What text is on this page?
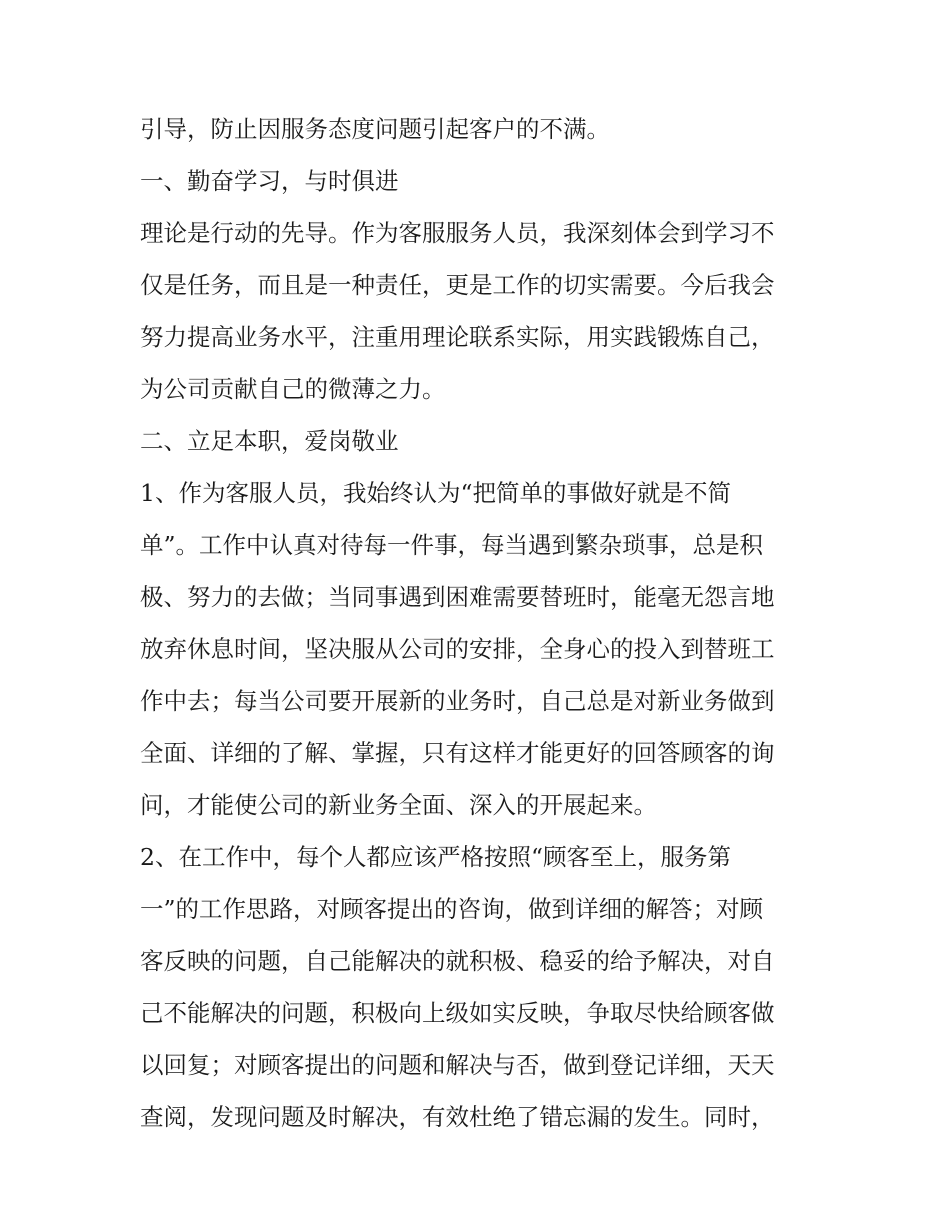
引导，防止因服务态度问题引起客户的不满。
一、勤奋学习，与时俱进
理论是行动的先导。作为客服服务人员，我深刻体会到学习不
仅是任务，而且是一种责任，更是工作的切实需要。今后我会
努力提高业务水平，注重用理论联系实际，用实践锻炼自己，
为公司贡献自己的微薄之力。
二、立足本职，爱岗敬业
1、作为客服人员，我始终认为“把简单的事做好就是不简
单”。工作中认真对待每一件事，每当遇到繁杂琐事，总是积
极、努力的去做；当同事遇到困难需要替班时，能毫无怨言地
放弃休息时间，坚决服从公司的安排，全身心的投入到替班工
作中去；每当公司要开展新的业务时，自己总是对新业务做到
全面、详细的了解、掌握，只有这样才能更好的回答顾客的询
问，才能使公司的新业务全面、深入的开展起来。
2、在工作中，每个人都应该严格按照“顾客至上，服务第
一”的工作思路，对顾客提出的咨询，做到详细的解答；对顾
客反映的问题，自己能解决的就积极、稳妥的给予解决，对自
己不能解决的问题，积极向上级如实反映，争取尽快给顾客做
以回复；对顾客提出的问题和解决与否，做到登记详细，天天
查阅，发现问题及时解决，有效杜绝了错忘漏的发生。同时，
